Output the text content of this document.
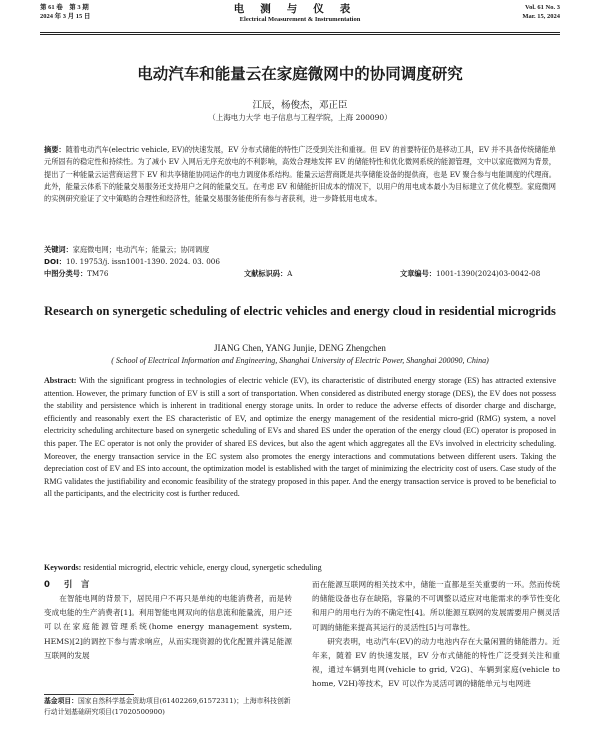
第 61 卷　第 3 期
2024 年 3 月 15 日
电测与仪表
Electrical Measurement & Instrumentation
Vol. 61 No. 3
Mar. 15, 2024
电动汽车和能量云在家庭微网中的协同调度研究
江辰，杨俊杰，邓正臣
（上海电力大学 电子信息与工程学院，上海 200090）
摘要：随着电动汽车(electric vehicle, EV)的快速发展，EV 分布式储能的特性广泛受到关注和重视。但 EV 的首要特征仍是移动工具，EV 并不具备传统储能单元所固有的稳定性和持续性。为了减小 EV 入网后无序充放电的不利影响，高效合理地发挥 EV 的储能特性和优化微网系统的能源管理，文中以家庭微网为背景，提出了一种能量云运营商运营下 EV 和共享储能协同运作的电力调度体系结构。能量云运营商既是共享储能设备的提供商，也是 EV 聚合参与电能调度的代理商。此外，能量云体系下的能量交易服务还支持用户之间的能量交互。在考虑 EV 和储能折旧成本的情况下，以用户的用电成本最小为目标建立了优化模型。家庭微网的实例研究验证了文中策略的合理性和经济性，能量交易服务能使所有参与者获利，进一步降低用电成本。
关键词：家庭微电网；电动汽车；能量云；协同调度
DOI：10. 19753/j. issn1001-1390. 2024. 03. 006
中图分类号：TM76	文献标识码：A	文章编号：1001-1390(2024)03-0042-08
Research on synergetic scheduling of electric vehicles and energy cloud in residential microgrids
JIANG Chen, YANG Junjie, DENG Zhengchen
( School of Electrical Information and Engineering, Shanghai University of Electric Power, Shanghai 200090, China)
Abstract: With the significant progress in technologies of electric vehicle (EV), its characteristic of distributed energy storage (ES) has attracted extensive attention. However, the primary function of EV is still a sort of transportation. When considered as distributed energy storage (DES), the EV does not possess the stability and persistence which is inherent in traditional energy storage units. In order to reduce the adverse effects of disorder charge and discharge, efficiently and reasonably exert the ES characteristic of EV, and optimize the energy management of the residential micro-grid (RMG) system, a novel electricity scheduling architecture based on synergetic scheduling of EVs and shared ES under the operation of the energy cloud (EC) operator is proposed in this paper. The EC operator is not only the provider of shared ES devices, but also the agent which aggregates all the EVs involved in electricity scheduling. Moreover, the energy transaction service in the EC system also promotes the energy interactions and commutations between different users. Taking the depreciation cost of EV and ES into account, the optimization model is established with the target of minimizing the electricity cost of users. Case study of the RMG validates the justifiability and economic feasibility of the strategy proposed in this paper. And the energy transaction service is proved to be beneficial to all the participants, and the electricity cost is further reduced.
Keywords: residential microgrid, electric vehicle, energy cloud, synergetic scheduling
0 引　言

在智能电网的背景下，居民用户不再只是单纯的电能消费者，而是转变成电能的生产消费者[1]。利用智能电网双向的信息流和能量流，用户还可以在家庭能源管理系统(home energy management system, HEMS)[2]的调控下参与需求响应，从而实现资源的优化配置并满足能源互联网的发展

而在能源互联网的相关技术中，储能一直都是至关重要的一环。然而传统的储能设备也存在缺陷，容量的不可调整以适应对电能需求的季节性变化和用户的用电行为的不确定性[4]。所以能源互联网的发展需要用户侧灵活可调的储能来提高其运行的灵活性[5]与可靠性。

研究表明，电动汽车(EV)的动力电池内存在大量闲置的储能潜力。近年来，随着 EV 的快速发展，EV 分布式储能的特性广泛受到关注和重视，通过车辆到电网(vehicle to grid, V2G)、车辆到家庭(vehicle to home, V2H)等技术，EV 可以作为灵活可调的储能单元与电网进

基金项目：国家自然科学基金资助项目(61402269,61572311)；上海市科技创新行动计划基础研究项目(17020500900)
